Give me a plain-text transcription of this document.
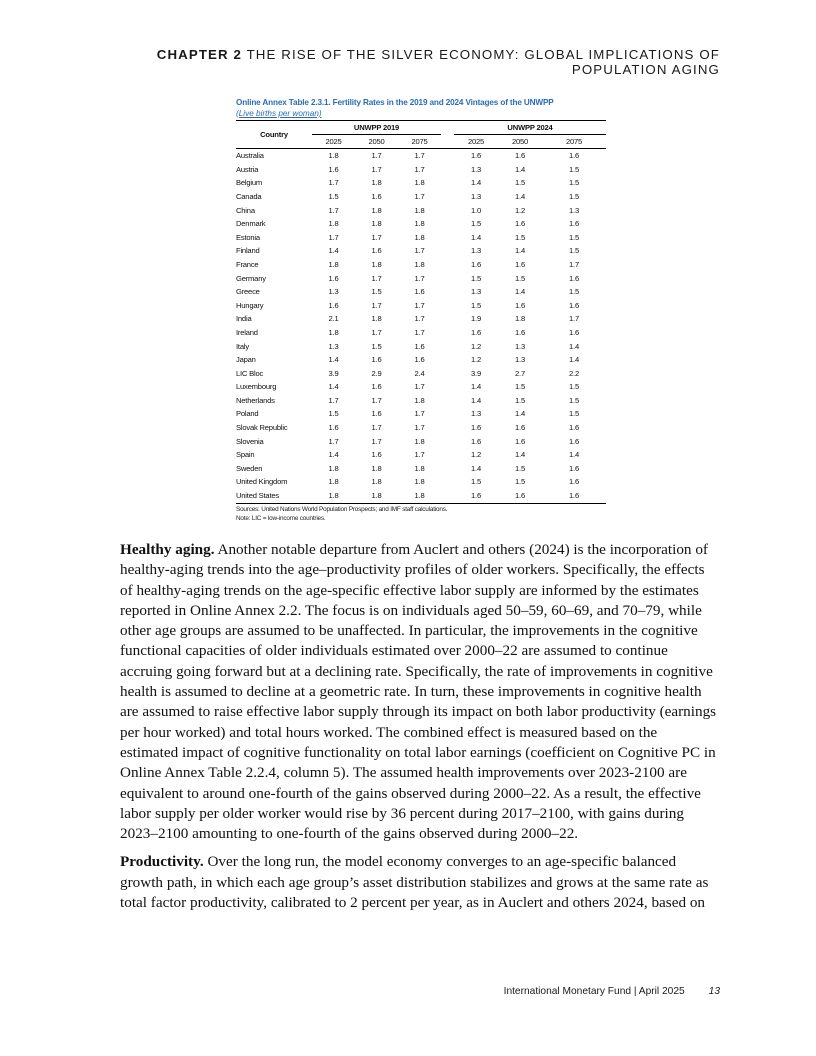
CHAPTER 2 THE RISE OF THE SILVER ECONOMY: GLOBAL IMPLICATIONS OF
POPULATION AGING
Online Annex Table 2.3.1. Fertility Rates in the 2019 and 2024 Vintages of the UNWPP
(Live births per woman)
Country	UNWPP 2019				UNWPP 2024		
	2025	2050	2075		2025	2050	2075
Australia	1.8	1.7	1.7		1.6	1.6	1.6
Austria	1.6	1.7	1.7		1.3	1.4	1.5
Belgium	1.7	1.8	1.8		1.4	1.5	1.5
Canada	1.5	1.6	1.7		1.3	1.4	1.5
China	1.7	1.8	1.8		1.0	1.2	1.3
Denmark	1.8	1.8	1.8		1.5	1.6	1.6
Estonia	1.7	1.7	1.8		1.4	1.5	1.5
Finland	1.4	1.6	1.7		1.3	1.4	1.5
France	1.8	1.8	1.8		1.6	1.6	1.7
Germany	1.6	1.7	1.7		1.5	1.5	1.6
Greece	1.3	1.5	1.6		1.3	1.4	1.5
Hungary	1.6	1.7	1.7		1.5	1.6	1.6
India	2.1	1.8	1.7		1.9	1.8	1.7
Ireland	1.8	1.7	1.7		1.6	1.6	1.6
Italy	1.3	1.5	1.6		1.2	1.3	1.4
Japan	1.4	1.6	1.6		1.2	1.3	1.4
LIC Bloc	3.9	2.9	2.4		3.9	2.7	2.2
Luxembourg	1.4	1.6	1.7		1.4	1.5	1.5
Netherlands	1.7	1.7	1.8		1.4	1.5	1.5
Poland	1.5	1.6	1.7		1.3	1.4	1.5
Slovak Republic	1.6	1.7	1.7		1.6	1.6	1.6
Slovenia	1.7	1.7	1.8		1.6	1.6	1.6
Spain	1.4	1.6	1.7		1.2	1.4	1.4
Sweden	1.8	1.8	1.8		1.4	1.5	1.6
United Kingdom	1.8	1.8	1.8		1.5	1.5	1.6
United States	1.8	1.8	1.8		1.6	1.6	1.6
Sources: United Nations World Population Prospects; and IMF staff calculations.
Note: LIC = low-income countries.

Healthy aging. Another notable departure from Auclert and others (2024) is the incorporation of healthy-aging trends into the age–productivity profiles of older workers. Specifically, the effects of healthy-aging trends on the age-specific effective labor supply are informed by the estimates reported in Online Annex 2.2. The focus is on individuals aged 50–59, 60–69, and 70–79, while other age groups are assumed to be unaffected. In particular, the improvements in the cognitive functional capacities of older individuals estimated over 2000–22 are assumed to continue accruing going forward but at a declining rate. Specifically, the rate of improvements in cognitive health is assumed to decline at a geometric rate. In turn, these improvements in cognitive health are assumed to raise effective labor supply through its impact on both labor productivity (earnings per hour worked) and total hours worked. The combined effect is measured based on the estimated impact of cognitive functionality on total labor earnings (coefficient on Cognitive PC in Online Annex Table 2.2.4, column 5). The assumed health improvements over 2023-2100 are equivalent to around one-fourth of the gains observed during 2000–22. As a result, the effective labor supply per older worker would rise by 36 percent during 2017–2100, with gains during 2023–2100 amounting to one-fourth of the gains observed during 2000–22.

Productivity. Over the long run, the model economy converges to an age-specific balanced growth path, in which each age group’s asset distribution stabilizes and grows at the same rate as total factor productivity, calibrated to 2 percent per year, as in Auclert and others 2024, based on

International Monetary Fund | April 2025 13
